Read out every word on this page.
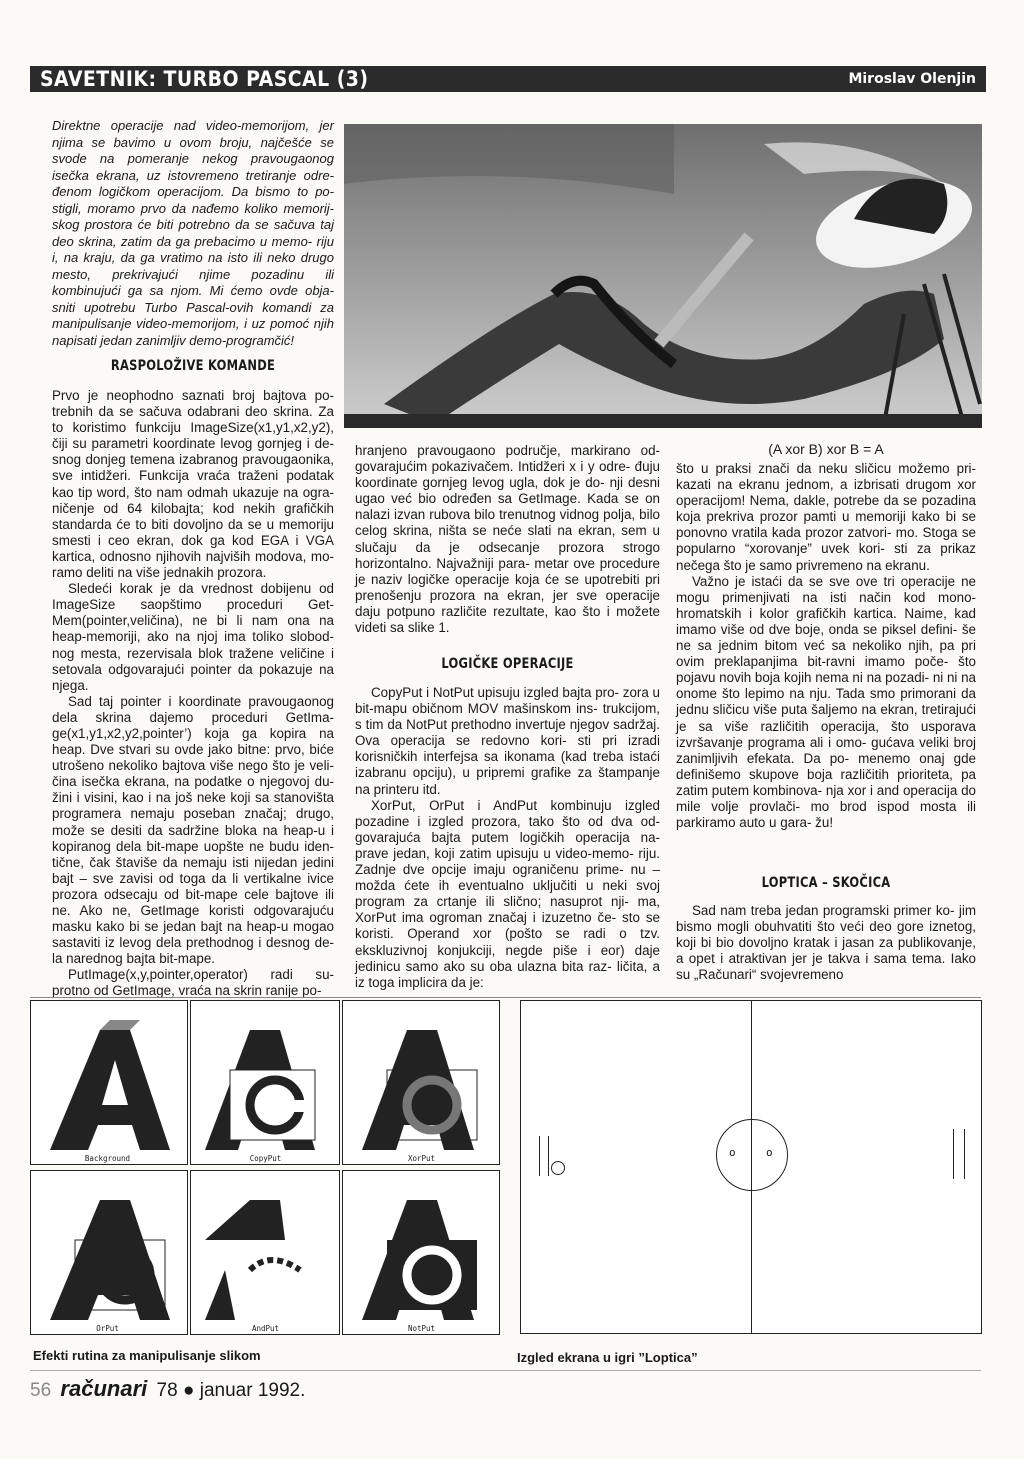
SAVETNIK: TURBO PASCAL (3)	Miroslav Olenjin
Direktne operacije nad video-memorijom, jer njima se bavimo u ovom broju, najčešće se svode na pomeranje nekog pravougaonog isečka ekrana, uz istovremeno tretiranje odre- đenom logičkom operacijom. Da bismo to po- stigli, moramo prvo da nađemo koliko memorij- skog prostora će biti potrebno da se sačuva taj deo skrina, zatim da ga prebacimo u memo- riju i, na kraju, da ga vratimo na isto ili neko drugo mesto, prekrivajući njime pozadinu ili kombinujući ga sa njom. Mi ćemo ovde obja- sniti upotrebu Turbo Pascal-ovih komandi za manipulisanje video-memorijom, i uz pomoć njih napisati jedan zanimljiv demo-programčić!
RASPOLOŽIVE KOMANDE

Prvo je neophodno saznati broj bajtova po- trebnih da se sačuva odabrani deo skrina. Za to koristimo funkciju ImageSize(x1,y1,x2,y2), čiji su parametri koordinate levog gornjeg i de- snog donjeg temena izabranog pravougaonika, sve intidžeri. Funkcija vraća traženi podatak kao tip word, što nam odmah ukazuje na ogra- ničenje od 64 kilobajta; kod nekih grafičkih standarda će to biti dovoljno da se u memoriju smesti i ceo ekran, dok ga kod EGA i VGA kartica, odnosno njihovih najviših modova, mo- ramo deliti na više jednakih prozora.

Sledeći korak je da vrednost dobijenu od ImageSize saopštimo proceduri Get- Mem(pointer,veličina), ne bi li nam ona na heap-memoriji, ako na njoj ima toliko slobod- nog mesta, rezervisala blok tražene veličine i setovala odgovarajući pointer da pokazuje na njega.

Sad taj pointer i koordinate pravougaonog dela skrina dajemo proceduri GetIma- ge(x1,y1,x2,y2,pointer’) koja ga kopira na heap. Dve stvari su ovde jako bitne: prvo, biće utrošeno nekoliko bajtova više nego što je veli- čina isečka ekrana, na podatke o njegovoj du- žini i visini, kao i na još neke koji sa stanovišta programera nemaju poseban značaj; drugo, može se desiti da sadržine bloka na heap-u i kopiranog dela bit-mape uopšte ne budu iden- tične, čak štaviše da nemaju isti nijedan jedini bajt – sve zavisi od toga da li vertikalne ivice prozora odsecaju od bit-mape cele bajtove ili ne. Ako ne, GetImage koristi odgovarajuću masku kako bi se jedan bajt na heap-u mogao sastaviti iz levog dela prethodnog i desnog de- la narednog bajta bit-mape.

PutImage(x,y,pointer,operator) radi su- protno od GetImage, vraća na skrin ranije po-

hranjeno pravougaono područje, markirano od- govarajućim pokazivačem. Intidžeri x i y odre- đuju koordinate gornjeg levog ugla, dok je do- nji desni ugao već bio određen sa GetImage. Kada se on nalazi izvan rubova bilo trenutnog vidnog polja, bilo celog skrina, ništa se neće slati na ekran, sem u slučaju da je odsecanje prozora strogo horizontalno. Najvažniji para- metar ove procedure je naziv logičke operacije koja će se upotrebiti pri prenošenju prozora na ekran, jer sve operacije daju potpuno različite rezultate, kao što i možete videti sa slike 1.

LOGIČKE OPERACIJE

CopyPut i NotPut upisuju izgled bajta pro- zora u bit-mapu običnom MOV mašinskom ins- trukcijom, s tim da NotPut prethodno invertuje njegov sadržaj. Ova operacija se redovno kori- sti pri izradi korisničkih interfejsa sa ikonama (kad treba istaći izabranu opciju), u pripremi grafike za štampanje na printeru itd.

XorPut, OrPut i AndPut kombinuju izgled pozadine i izgled prozora, tako što od dva od- govarajuća bajta putem logičkih operacija na- prave jedan, koji zatim upisuju u video-memo- riju. Zadnje dve opcije imaju ograničenu prime- nu – možda ćete ih eventualno uključiti u neki svoj program za crtanje ili slično; nasuprot nji- ma, XorPut ima ogroman značaj i izuzetno če- sto se koristi. Operand xor (pošto se radi o tzv. ekskluzivnoj konjukciji, negde piše i eor) daje jedinicu samo ako su oba ulazna bita raz- ličita, a iz toga implicira da je:

(A xor B) xor B = A

što u praksi znači da neku sličicu možemo pri- kazati na ekranu jednom, a izbrisati drugom xor operacijom! Nema, dakle, potrebe da se pozadina koja prekriva prozor pamti u memoriji kako bi se ponovno vratila kada prozor zatvori- mo. Stoga se popularno “xorovanje” uvek kori- sti za prikaz nečega što je samo privremeno na ekranu.

Važno je istaći da se sve ove tri operacije ne mogu primenjivati na isti način kod mono- hromatskih i kolor grafičkih kartica. Naime, kad imamo više od dve boje, onda se piksel defini- še ne sa jednim bitom već sa nekoliko njih, pa pri ovim preklapanjima bit-ravni imamo poče- što pojavu novih boja kojih nema ni na pozadi- ni ni na onome što lepimo na nju. Tada smo primorani da jednu sličicu više puta šaljemo na ekran, tretirajući je sa više različitih operacija, što usporava izvršavanje programa ali i omo- gućava veliki broj zanimljivih efekata. Da po- menemo onaj gde definišemo skupove boja različitih prioriteta, pa zatim putem kombinova- nja xor i and operacija do mile volje provlači- mo brod ispod mosta ili parkiramo auto u gara- žu!

LOPTICA – SKOČICA

Sad nam treba jedan programski primer ko- jim bismo mogli obuhvatiti što veći deo gore iznetog, koji bi bio dovoljno kratak i jasan za publikovanje, a opet i atraktivan jer je takva i sama tema. Iako su „Računari“ svojevremeno

Background	CopyPut	XorPut
OrPut	AndPut	NotPut
o	o
Efekti rutina za manipulisanje slikom	Izgled ekrana u igri ”Loptica”
56 računari 78 ● januar 1992.
